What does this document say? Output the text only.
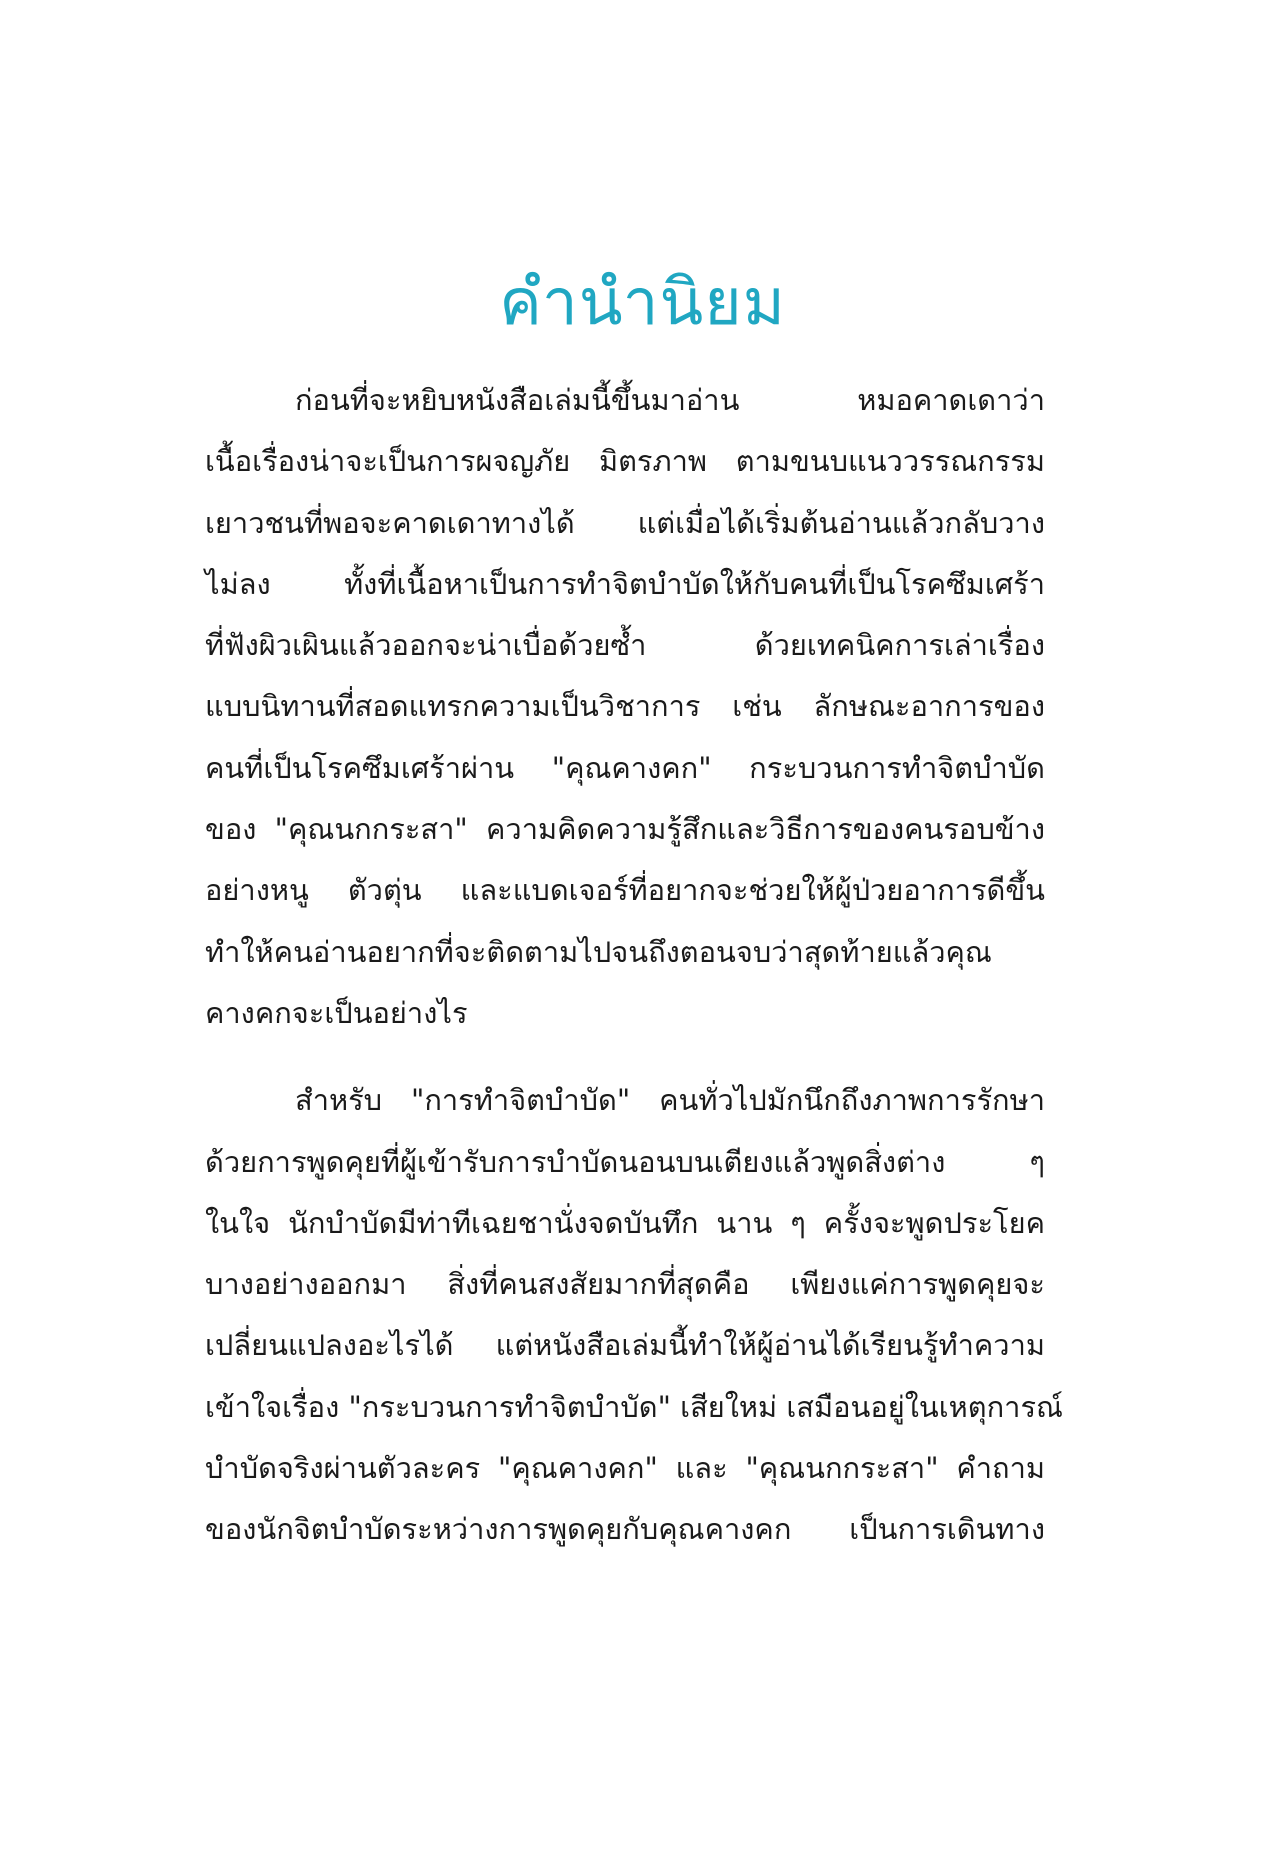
คำนำนิยม

ก่อนที่จะหยิบหนังสือเล่มนี้ขึ้นมาอ่าน หมอคาดเดาว่า
เนื้อเรื่องน่าจะเป็นการผจญภัย มิตรภาพ ตามขนบแนววรรณกรรม
เยาวชนที่พอจะคาดเดาทางได้ แต่เมื่อได้เริ่มต้นอ่านแล้วกลับวาง
ไม่ลง ทั้งที่เนื้อหาเป็นการทำจิตบำบัดให้กับคนที่เป็นโรคซึมเศร้า
ที่ฟังผิวเผินแล้วออกจะน่าเบื่อด้วยซ้ำ ด้วยเทคนิคการเล่าเรื่อง
แบบนิทานที่สอดแทรกความเป็นวิชาการ เช่น ลักษณะอาการของ
คนที่เป็นโรคซึมเศร้าผ่าน "คุณคางคก" กระบวนการทำจิตบำบัด
ของ "คุณนกกระสา" ความคิดความรู้สึกและวิธีการของคนรอบข้าง
อย่างหนู ตัวตุ่น และแบดเจอร์ที่อยากจะช่วยให้ผู้ป่วยอาการดีขึ้น
ทำให้คนอ่านอยากที่จะติดตามไปจนถึงตอนจบว่าสุดท้ายแล้วคุณ
คางคกจะเป็นอย่างไร

สำหรับ "การทำจิตบำบัด" คนทั่วไปมักนึกถึงภาพการรักษา
ด้วยการพูดคุยที่ผู้เข้ารับการบำบัดนอนบนเตียงแล้วพูดสิ่งต่าง ๆ
ในใจ นักบำบัดมีท่าทีเฉยชานั่งจดบันทึก นาน ๆ ครั้งจะพูดประโยค
บางอย่างออกมา สิ่งที่คนสงสัยมากที่สุดคือ เพียงแค่การพูดคุยจะ
เปลี่ยนแปลงอะไรได้ แต่หนังสือเล่มนี้ทำให้ผู้อ่านได้เรียนรู้ทำความ
เข้าใจเรื่อง "กระบวนการทำจิตบำบัด" เสียใหม่ เสมือนอยู่ในเหตุการณ์
บำบัดจริงผ่านตัวละคร "คุณคางคก" และ "คุณนกกระสา" คำถาม
ของนักจิตบำบัดระหว่างการพูดคุยกับคุณคางคก เป็นการเดินทาง
